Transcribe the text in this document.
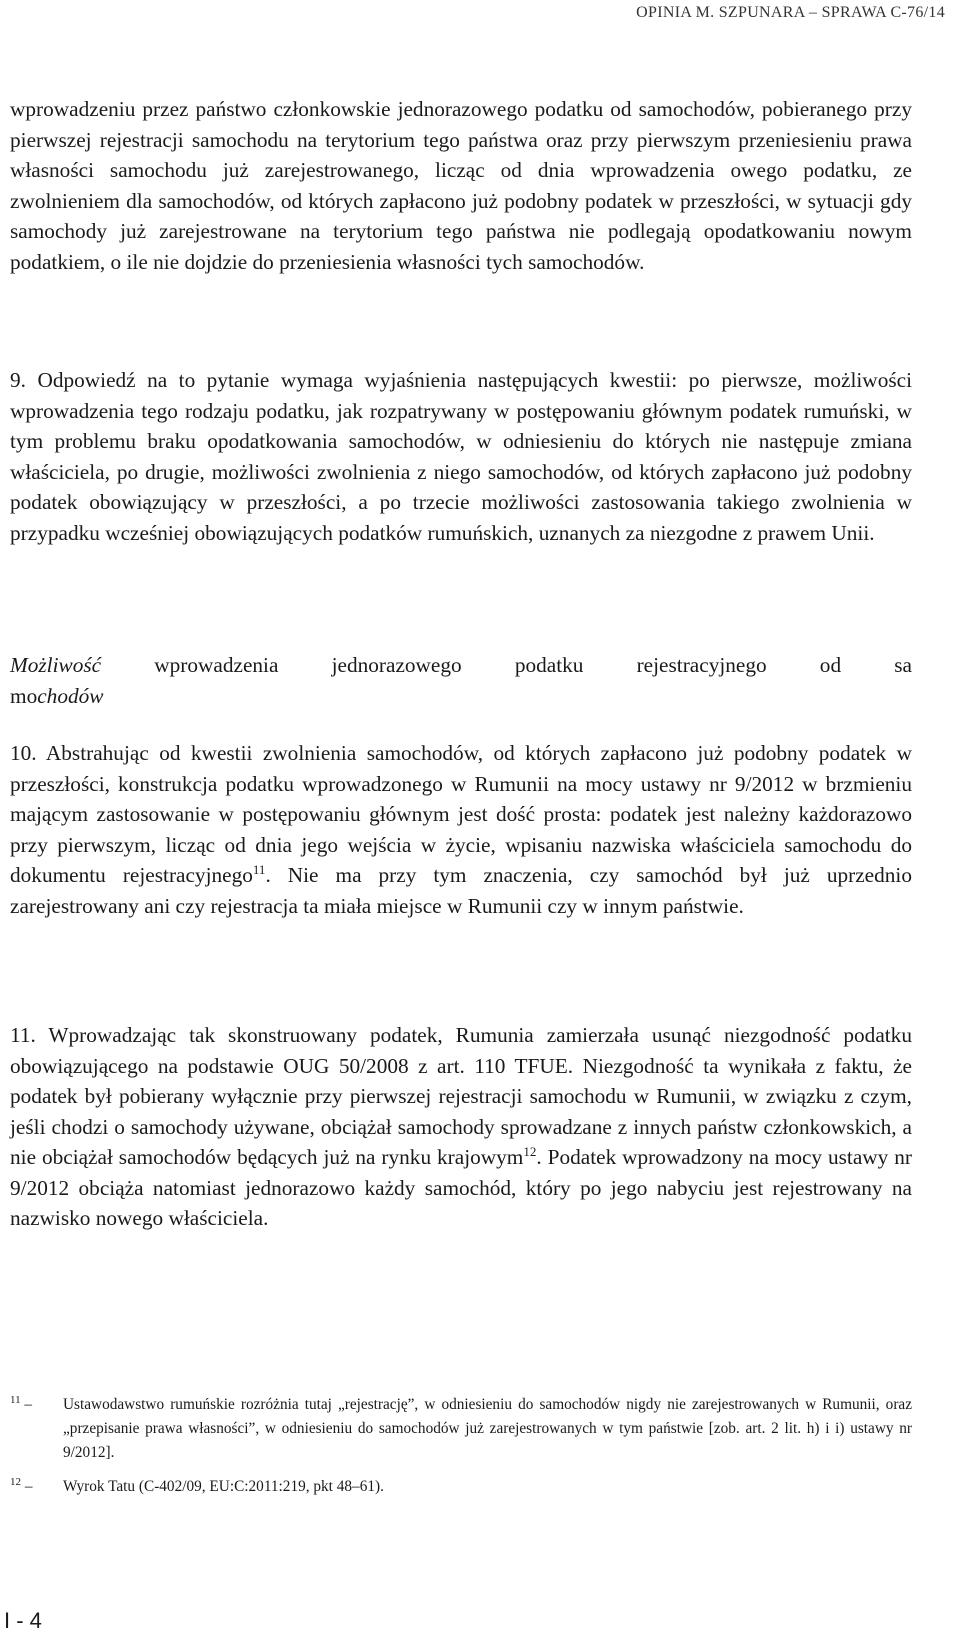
OPINIA M. SZPUNARA – SPRAWA C-76/14

wprowadzeniu przez państwo członkowskie jednorazowego podatku od samochodów, pobieranego przy pierwszej rejestracji samochodu na terytorium tego państwa oraz przy pierwszym przeniesieniu prawa własności samochodu już zarejestrowanego, licząc od dnia wprowadzenia owego podatku, ze zwolnieniem dla samochodów, od których zapłacono już podobny podatek w przeszłości, w sytuacji gdy samochody już zarejestrowane na terytorium tego państwa nie podlegają opodatkowaniu nowym podatkiem, o ile nie dojdzie do przeniesienia własności tych samochodów.

9. Odpowiedź na to pytanie wymaga wyjaśnienia następujących kwestii: po pierwsze, możliwości wprowadzenia tego rodzaju podatku, jak rozpatrywany w postępowaniu głównym podatek rumuński, w tym problemu braku opodatkowania samochodów, w odniesieniu do których nie następuje zmiana właściciela, po drugie, możliwości zwolnienia z niego samochodów, od których zapłacono już podobny podatek obowiązujący w przeszłości, a po trzecie możliwości zastosowania takiego zwolnienia w przypadku wcześniej obowiązujących podatków rumuńskich, uznanych za niezgodne z prawem Unii.

Możliwość wprowadzenia jednorazowego podatku rejestracyjnego od sa
mochodów

10. Abstrahując od kwestii zwolnienia samochodów, od których zapłacono już podobny podatek w przeszłości, konstrukcja podatku wprowadzonego w Rumunii na mocy ustawy nr 9/2012 w brzmieniu mającym zastosowanie w postępowaniu głównym jest dość prosta: podatek jest należny każdorazowo przy pierwszym, licząc od dnia jego wejścia w życie, wpisaniu nazwiska właściciela samochodu do dokumentu rejestracyjnego$^{11}$. Nie ma przy tym znaczenia, czy samochód był już uprzednio zarejestrowany ani czy rejestracja ta miała miejsce w Rumunii czy w innym państwie.

11. Wprowadzając tak skonstruowany podatek, Rumunia zamierzała usunąć niezgodność podatku obowiązującego na podstawie OUG 50/2008 z art. 110 TFUE. Niezgodność ta wynikała z faktu, że podatek był pobierany wyłącznie przy pierwszej rejestracji samochodu w Rumunii, w związku z czym, jeśli chodzi o samochody używane, obciążał samochody sprowadzane z innych państw członkowskich, a nie obciążał samochodów będących już na rynku krajowym$^{12}$. Podatek wprowadzony na mocy ustawy nr 9/2012 obciąża natomiast jednorazowo każdy samochód, który po jego nabyciu jest rejestrowany na nazwisko nowego właściciela.

$^{11}$ – Ustawodawstwo rumuńskie rozróżnia tutaj „rejestrację”, w odniesieniu do samochodów nigdy nie zarejestrowanych w Rumunii, oraz „przepisanie prawa własności”, w odniesieniu do samochodów już zarejestrowanych w tym państwie [zob. art. 2 lit. h) i i) ustawy nr 9/2012].
$^{12}$ – Wyrok Tatu (C-402/09, EU:C:2011:219, pkt 48–61).
I - 4
